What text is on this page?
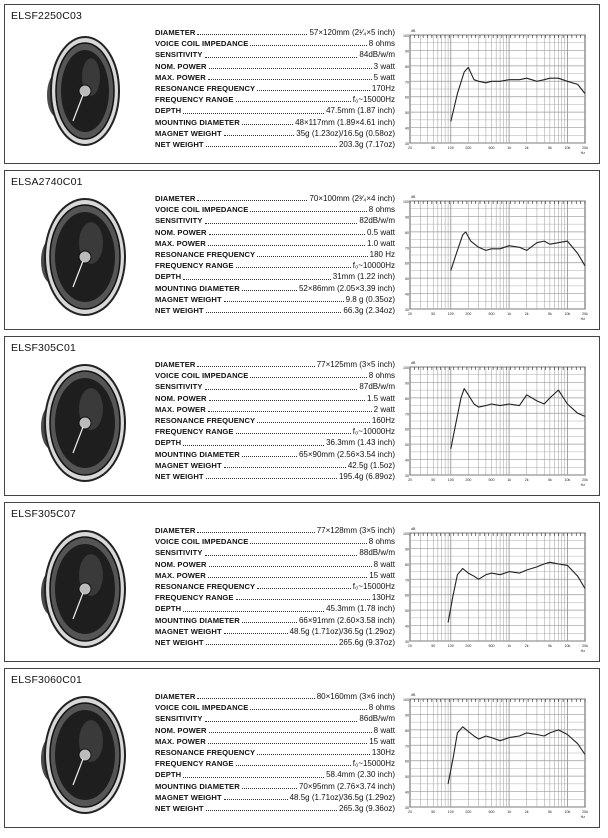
ELSF2250C03
DIAMETER	57×120mm (2¹⁄₄×5 inch)
VOICE COIL IMPEDANCE	8 ohms
SENSITIVITY	84dB/w/m
NOM. POWER	3 watt
MAX. POWER	5 watt
RESONANCE FREQUENCY	170Hz
FREQUENCY RANGE	f₀~15000Hz
DEPTH	47.5mm (1.87 inch)
MOUNTING DIAMETER	48×117mm (1.89×4.61 inch)
MAGNET WEIGHT	35g (1.23oz)/16.5g (0.58oz)
NET WEIGHT	203.3g (7.17oz)
100
90
80
70
60
50
40
30
dB
20	50	100	200	500	1k	2k	5k	10k	20k
Hz
ELSA2740C01
DIAMETER	70×100mm (2³⁄₄×4 inch)
VOICE COIL IMPEDANCE	8 ohms
SENSITIVITY	82dB/w/m
NOM. POWER	0.5 watt
MAX. POWER	1.0 watt
RESONANCE FREQUENCY	180 Hz
FREQUENCY RANGE	f₀~10000Hz
DEPTH	31mm (1.22 inch)
MOUNTING DIAMETER	52×86mm (2.05×3.39 inch)
MAGNET WEIGHT	9.8 g (0.35oz)
NET WEIGHT	66.3g (2.34oz)
100
90
80
70
60
50
40
30
dB
20	50	100	200	500	1k	2k	5k	10k	20k
Hz
ELSF305C01
DIAMETER	77×125mm (3×5 inch)
VOICE COIL IMPEDANCE	8 ohms
SENSITIVITY	87dB/w/m
NOM. POWER	1.5 watt
MAX. POWER	2 watt
RESONANCE FREQUENCY	160Hz
FREQUENCY RANGE	f₀~10000Hz
DEPTH	36.3mm (1.43 inch)
MOUNTING DIAMETER	65×90mm (2.56×3.54 inch)
MAGNET WEIGHT	42.5g (1.5oz)
NET WEIGHT	195.4g (6.89oz)
100
90
80
70
60
50
40
30
dB
20	50	100	200	500	1k	2k	5k	10k	20k
Hz
ELSF305C07
DIAMETER	77×128mm (3×5 inch)
VOICE COIL IMPEDANCE	8 ohms
SENSITIVITY	88dB/w/m
NOM. POWER	8 watt
MAX. POWER	15 watt
RESONANCE FREQUENCY	f₀~15000Hz
FREQUENCY RANGE	130Hz
DEPTH	45.3mm (1.78 inch)
MOUNTING DIAMETER	66×91mm (2.60×3.58 inch)
MAGNET WEIGHT	48.5g (1.71oz)/36.5g (1.29oz)
NET WEIGHT	265.6g (9.37oz)
100
90
80
70
60
50
40
30
dB
20	50	100	200	500	1k	2k	5k	10k	20k
Hz
ELSF3060C01
DIAMETER	80×160mm (3×6 inch)
VOICE COIL IMPEDANCE	8 ohms
SENSITIVITY	86dB/w/m
NOM. POWER	8 watt
MAX. POWER	15 watt
RESONANCE FREQUENCY	130Hz
FREQUENCY RANGE	f₀~15000Hz
DEPTH	58.4mm (2.30 inch)
MOUNTING DIAMETER	70×95mm (2.76×3.74 inch)
MAGNET WEIGHT	48.5g (1.71oz)/36.5g (1.29oz)
NET WEIGHT	265.3g (9.36oz)
100
90
80
70
60
50
40
30
dB
20	50	100	200	500	1k	2k	5k	10k	20k
Hz
